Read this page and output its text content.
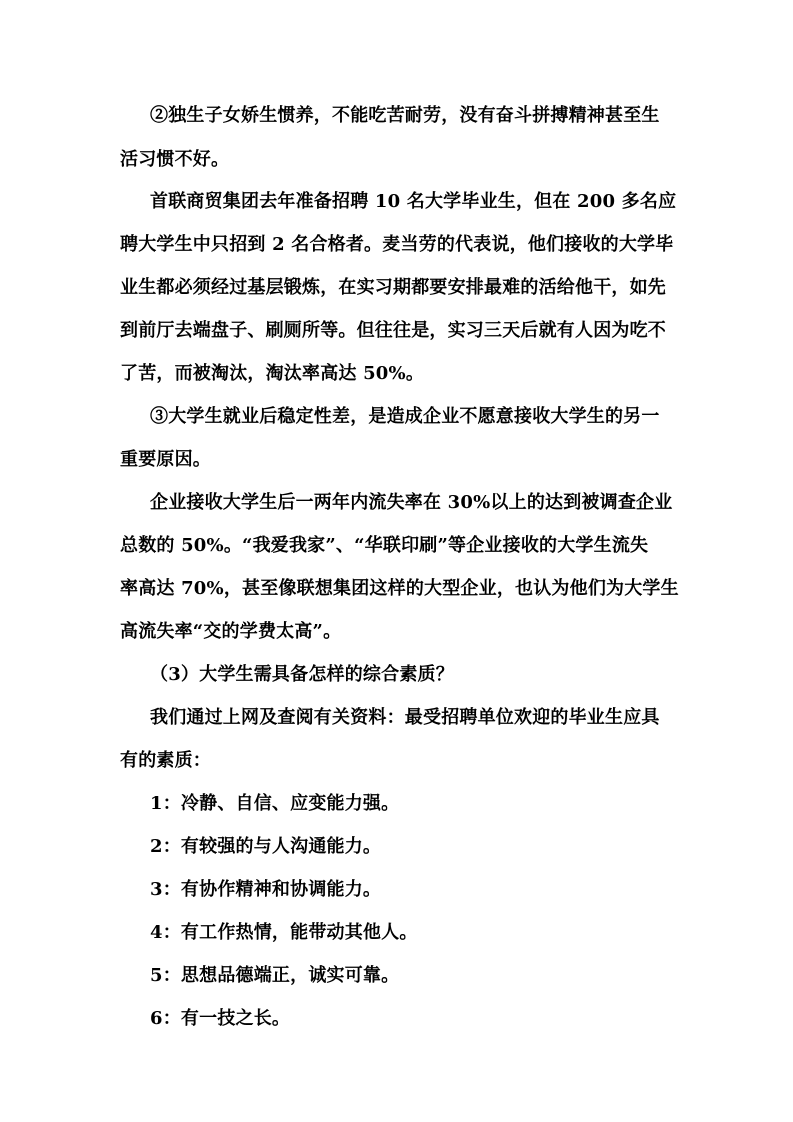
②独生子女娇生惯养，不能吃苦耐劳，没有奋斗拼搏精神甚至生
活习惯不好。
首联商贸集团去年准备招聘 10 名大学毕业生，但在 200 多名应
聘大学生中只招到 2 名合格者。麦当劳的代表说，他们接收的大学毕
业生都必须经过基层锻炼，在实习期都要安排最难的活给他干，如先
到前厅去端盘子、刷厕所等。但往往是，实习三天后就有人因为吃不
了苦，而被淘汰，淘汰率高达 50%。
③大学生就业后稳定性差，是造成企业不愿意接收大学生的另一
重要原因。
企业接收大学生后一两年内流失率在 30%以上的达到被调查企业
总数的 50%。“我爱我家”、“华联印刷”等企业接收的大学生流失
率高达 70%，甚至像联想集团这样的大型企业，也认为他们为大学生
高流失率“交的学费太高”。
（3）大学生需具备怎样的综合素质？
我们通过上网及查阅有关资料：最受招聘单位欢迎的毕业生应具
有的素质：
1：冷静、自信、应变能力强。
2：有较强的与人沟通能力。
3：有协作精神和协调能力。
4：有工作热情，能带动其他人。
5：思想品德端正，诚实可靠。
6：有一技之长。
